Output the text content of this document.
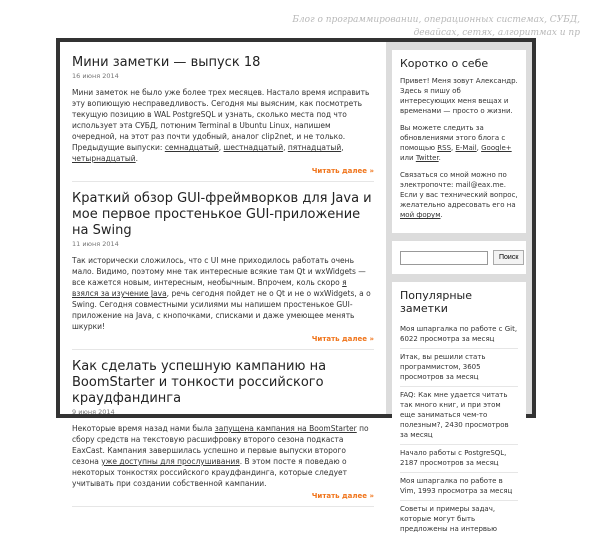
Блог о программировании, операционных системах, СУБД, девайсах, сетях, алгоритмах и пр
Мини заметки — выпуск 18
16 июня 2014
Мини заметок не было уже более трех месяцев. Настало время исправить эту вопиющую несправедливость. Сегодня мы выясним, как посмотреть текущую позицию в WAL PostgreSQL и узнать, сколько места под что использует эта СУБД, потюним Terminal в Ubuntu Linux, напишем очередной, на этот раз почти удобный, аналог clip2net, и не только. Предыдущие выпуски: семнадцатый, шестнадцатый, пятнадцатый, четырнадцатый.
Читать далее »
Краткий обзор GUI-фреймворков для Java и мое первое простенькое GUI-приложение на Swing
11 июня 2014
Так исторически сложилось, что с UI мне приходилось работать очень мало. Видимо, поэтому мне так интересные всякие там Qt и wxWidgets — все кажется новым, интересным, необычным. Впрочем, коль скоро я взялся за изучение Java, речь сегодня пойдет не о Qt и не о wxWidgets, а о Swing. Сегодня совместными усилиями мы напишем простенькое GUI-приложение на Java, с кнопочками, списками и даже умеющее менять шкурки!
Читать далее »
Как сделать успешную кампанию на BoomStarter и тонкости российского краудфандинга
9 июня 2014
Некоторые время назад нами была запущена кампания на BoomStarter по сбору средств на текстовую расшифровку второго сезона подкаста EaxCast. Кампания завершилась успешно и первые выпуски второго сезона уже доступны для прослушивания. В этом посте я поведаю о некоторых тонкостях российского краудфандинга, которые следует учитывать при создании собственной кампании.
Читать далее »
Коротко о себе
Привет! Меня зовут Александр. Здесь я пишу об интересующих меня вещах и временами — просто о жизни.
Вы можете следить за обновлениями этого блога с помощью RSS, E-Mail, Google+ или Twitter.
Связаться со мной можно по электропочте: mail@eax.me. Если у вас технический вопрос, желательно адресовать его на мой форум.
Поиск
Популярные заметки
Моя шпаргалка по работе с Git, 6022 просмотра за месяц
Итак, вы решили стать программистом, 3605 просмотров за месяц
FAQ: Как мне удается читать так много книг, и при этом еще заниматься чем-то полезным?, 2430 просмотров за месяц
Начало работы с PostgreSQL, 2187 просмотров за месяц
Моя шпаргалка по работе в Vim, 1993 просмотра за месяц
Советы и примеры задач, которые могут быть предложены на интервью
